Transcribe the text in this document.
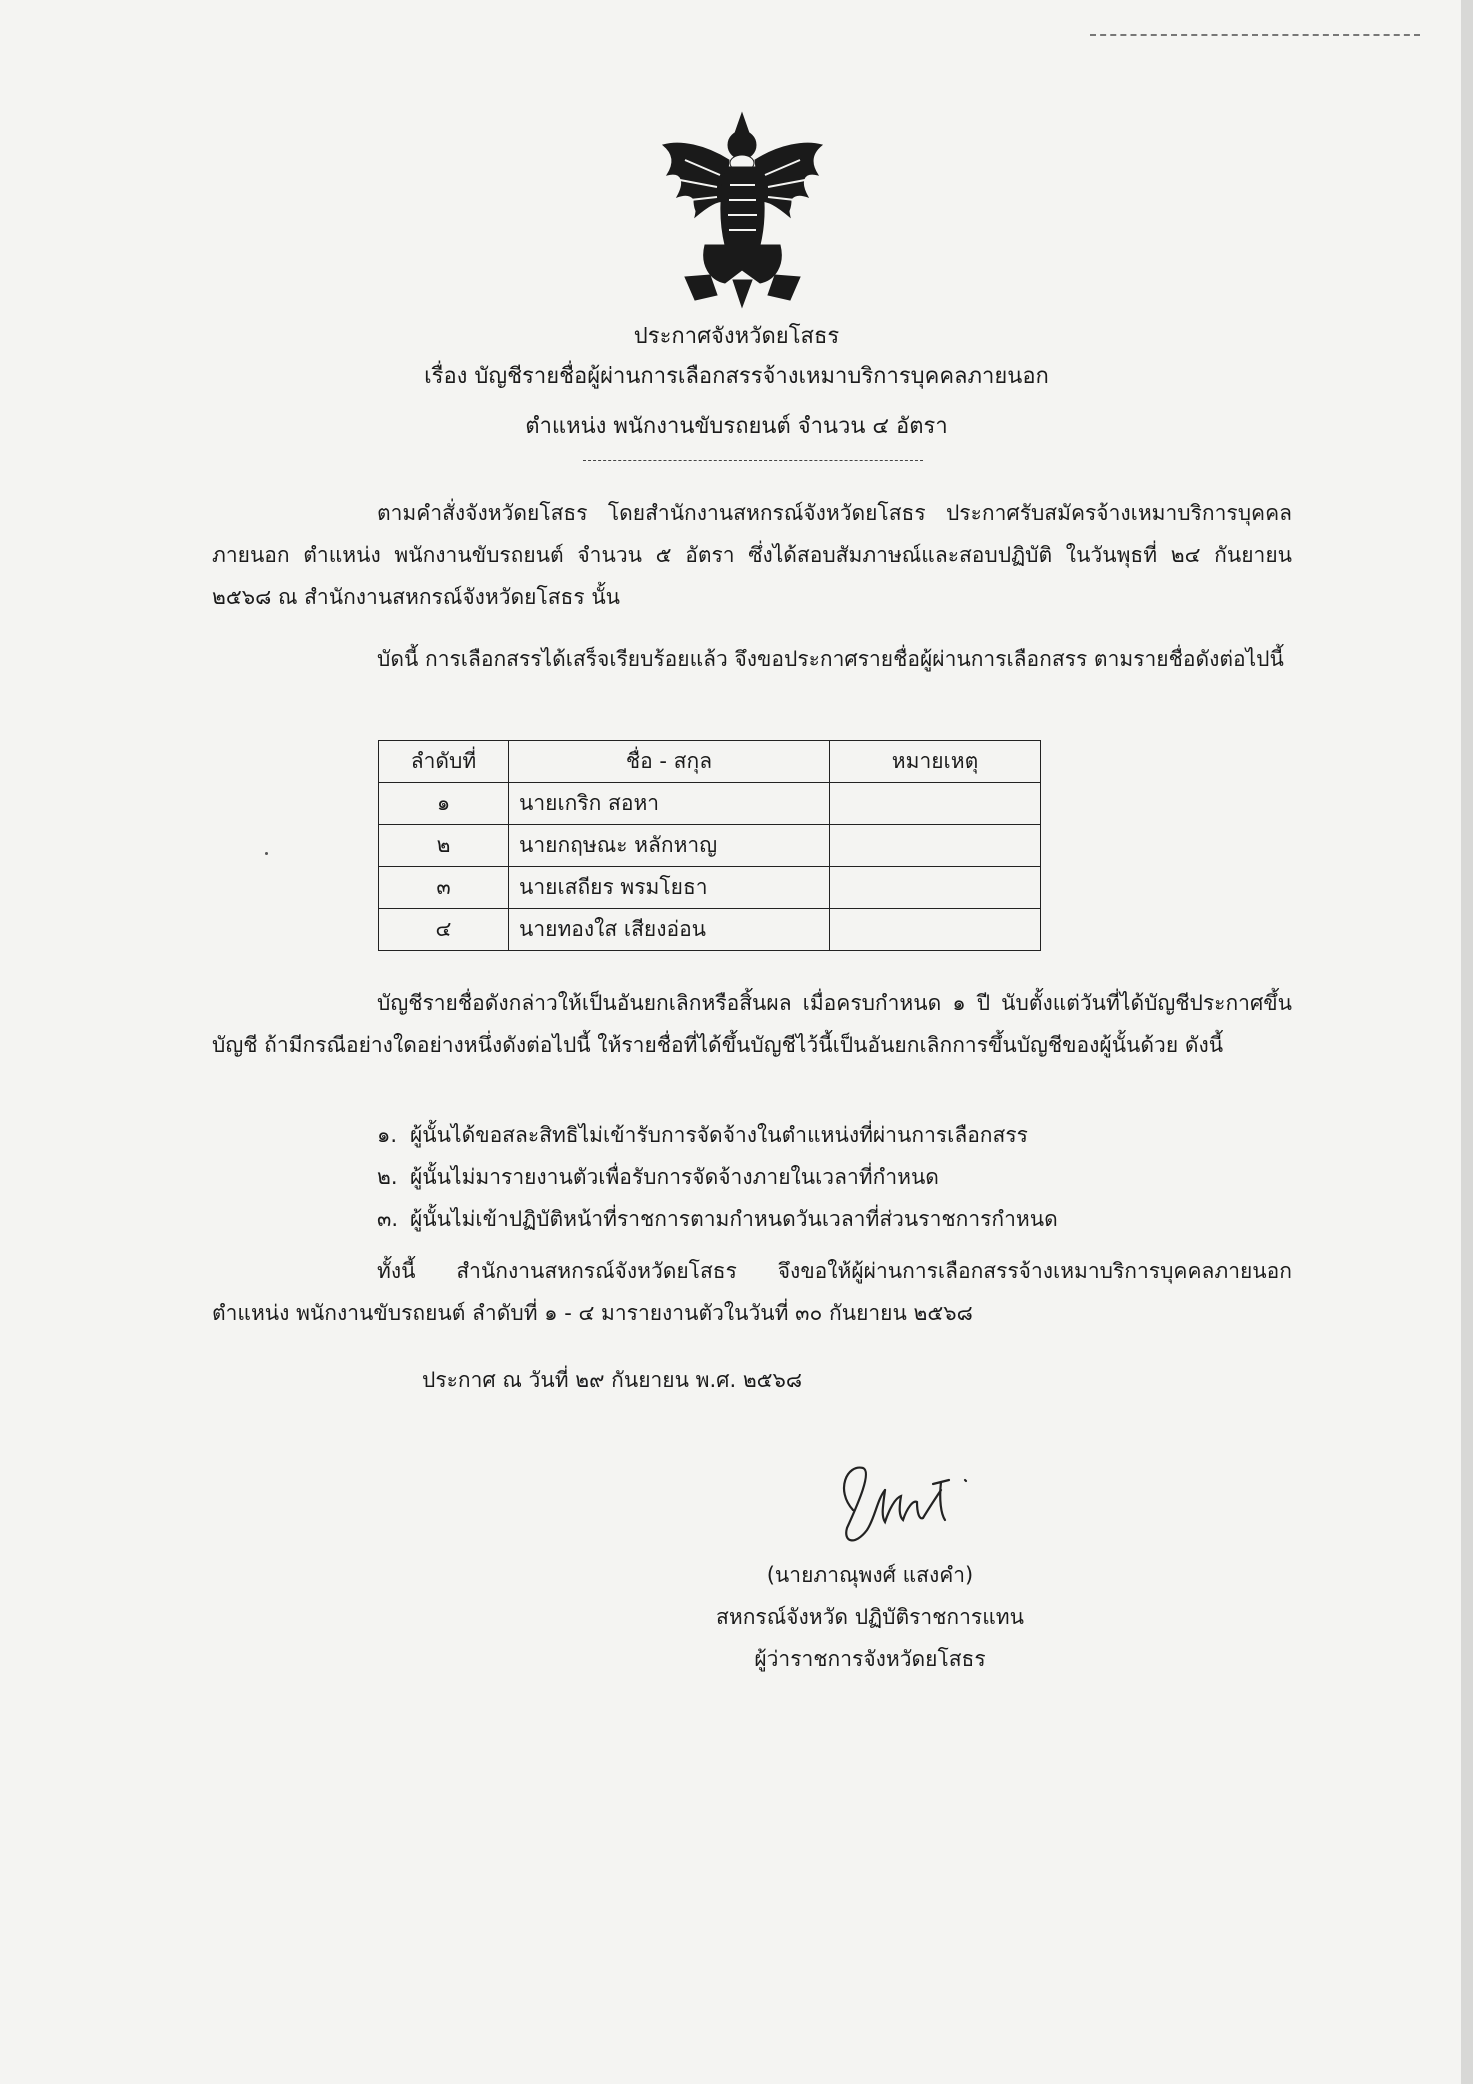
ประกาศจังหวัดยโสธร
เรื่อง บัญชีรายชื่อผู้ผ่านการเลือกสรรจ้างเหมาบริการบุคคลภายนอก
ตำแหน่ง พนักงานขับรถยนต์ จำนวน ๔ อัตรา

ตามคำสั่งจังหวัดยโสธร โดยสำนักงานสหกรณ์จังหวัดยโสธร ประกาศรับสมัครจ้างเหมาบริการบุคคลภายนอก ตำแหน่ง พนักงานขับรถยนต์ จำนวน ๕ อัตรา ซึ่งได้สอบสัมภาษณ์และสอบปฏิบัติ ในวันพุธที่ ๒๔ กันยายน ๒๕๖๘ ณ สำนักงานสหกรณ์จังหวัดยโสธร นั้น

บัดนี้ การเลือกสรรได้เสร็จเรียบร้อยแล้ว จึงขอประกาศรายชื่อผู้ผ่านการเลือกสรร ตามรายชื่อดังต่อไปนี้

ลำดับที่	ชื่อ - สกุล	หมายเหตุ
๑	นายเกริก สอหา	
๒	นายกฤษณะ หลักหาญ	
๓	นายเสถียร พรมโยธา	
๔	นายทองใส เสียงอ่อน	

บัญชีรายชื่อดังกล่าวให้เป็นอันยกเลิกหรือสิ้นผล เมื่อครบกำหนด ๑ ปี นับตั้งแต่วันที่ได้บัญชีประกาศขึ้นบัญชี ถ้ามีกรณีอย่างใดอย่างหนึ่งดังต่อไปนี้ ให้รายชื่อที่ได้ขึ้นบัญชีไว้นี้เป็นอันยกเลิกการขึ้นบัญชีของผู้นั้นด้วย ดังนี้

๑. ผู้นั้นได้ขอสละสิทธิไม่เข้ารับการจัดจ้างในตำแหน่งที่ผ่านการเลือกสรร
๒. ผู้นั้นไม่มารายงานตัวเพื่อรับการจัดจ้างภายในเวลาที่กำหนด
๓. ผู้นั้นไม่เข้าปฏิบัติหน้าที่ราชการตามกำหนดวันเวลาที่ส่วนราชการกำหนด

ทั้งนี้ สำนักงานสหกรณ์จังหวัดยโสธร จึงขอให้ผู้ผ่านการเลือกสรรจ้างเหมาบริการบุคคลภายนอก ตำแหน่ง พนักงานขับรถยนต์ ลำดับที่ ๑ - ๔ มารายงานตัวในวันที่ ๓๐ กันยายน ๒๕๖๘

ประกาศ ณ วันที่ ๒๙ กันยายน พ.ศ. ๒๕๖๘
(นายภาณุพงศ์ แสงคำ)
สหกรณ์จังหวัด ปฏิบัติราชการแทน
ผู้ว่าราชการจังหวัดยโสธร
